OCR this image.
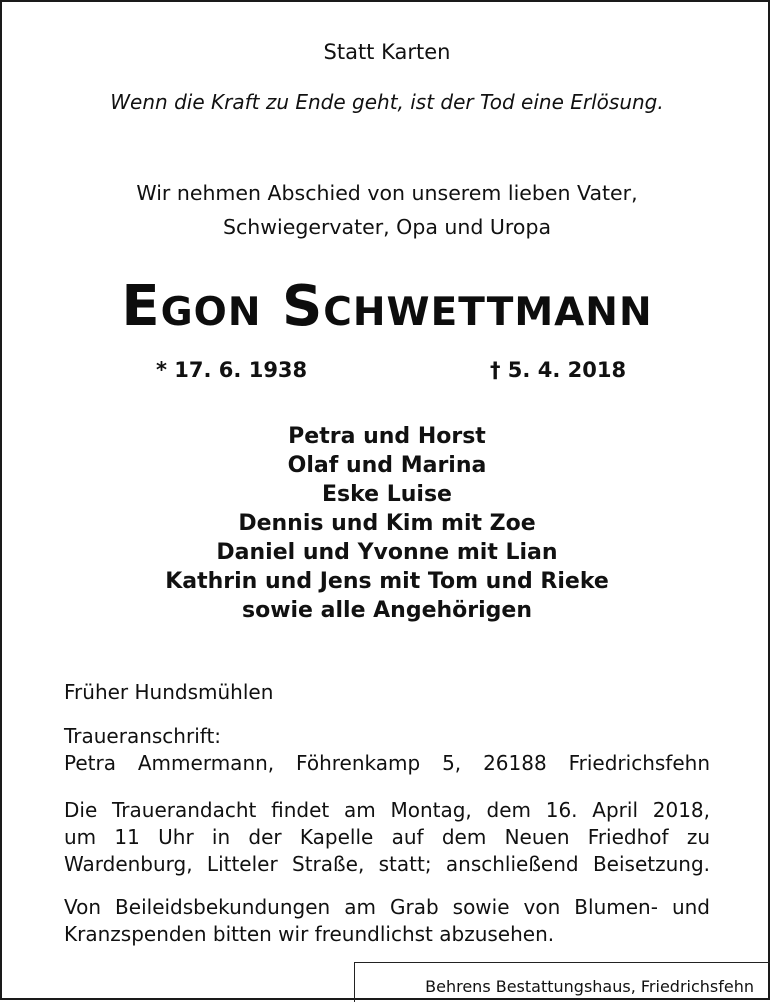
Statt Karten
Wenn die Kraft zu Ende geht, ist der Tod eine Erlösung.
Wir nehmen Abschied von unserem lieben Vater,
Schwiegervater, Opa und Uropa
Egon Schwettmann
* 17. 6. 1938	† 5. 4. 2018
Petra und Horst
Olaf und Marina
Eske Luise
Dennis und Kim mit Zoe
Daniel und Yvonne mit Lian
Kathrin und Jens mit Tom und Rieke
sowie alle Angehörigen
Früher Hundsmühlen
Traueranschrift:
Petra Ammermann, Föhrenkamp 5, 26188 Friedrichsfehn
Die Trauerandacht findet am Montag, dem 16. April 2018,
um 11 Uhr in der Kapelle auf dem Neuen Friedhof zu
Wardenburg, Litteler Straße, statt; anschließend Beisetzung.
Von Beileidsbekundungen am Grab sowie von Blumen- und
Kranzspenden bitten wir freundlichst abzusehen.
Behrens Bestattungshaus, Friedrichsfehn
